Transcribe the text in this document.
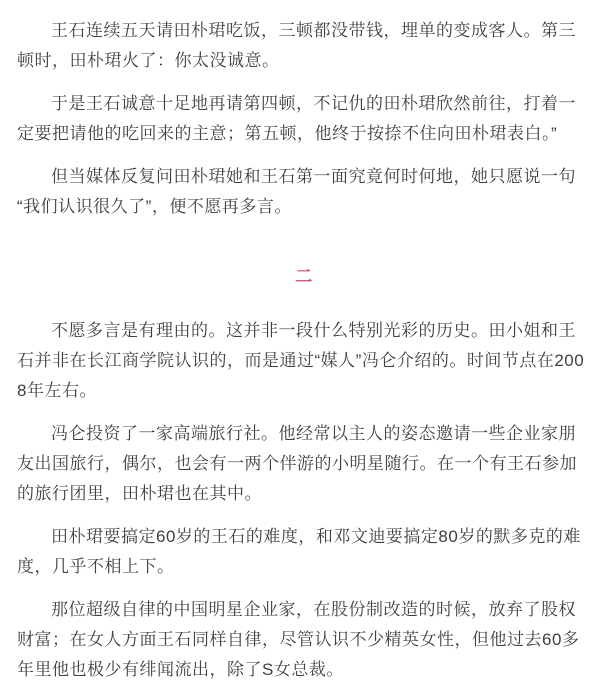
王石连续五天请田朴珺吃饭，三顿都没带钱，埋单的变成客人。第三顿时，田朴珺火了：你太没诚意。

于是王石诚意十足地再请第四顿，不记仇的田朴珺欣然前往，打着一定要把请他的吃回来的主意；第五顿，他终于按捺不住向田朴珺表白。”

但当媒体反复问田朴珺她和王石第一面究竟何时何地，她只愿说一句“我们认识很久了”，便不愿再多言。

二

不愿多言是有理由的。这并非一段什么特别光彩的历史。田小姐和王石并非在长江商学院认识的，而是通过“媒人”冯仑介绍的。时间节点在2008年左右。

冯仑投资了一家高端旅行社。他经常以主人的姿态邀请一些企业家朋友出国旅行，偶尔，也会有一两个伴游的小明星随行。在一个有王石参加的旅行团里，田朴珺也在其中。

田朴珺要搞定60岁的王石的难度，和邓文迪要搞定80岁的默多克的难度，几乎不相上下。

那位超级自律的中国明星企业家，在股份制改造的时候，放弃了股权财富；在女人方面王石同样自律，尽管认识不少精英女性，但他过去60多年里他也极少有绯闻流出，除了S女总裁。
